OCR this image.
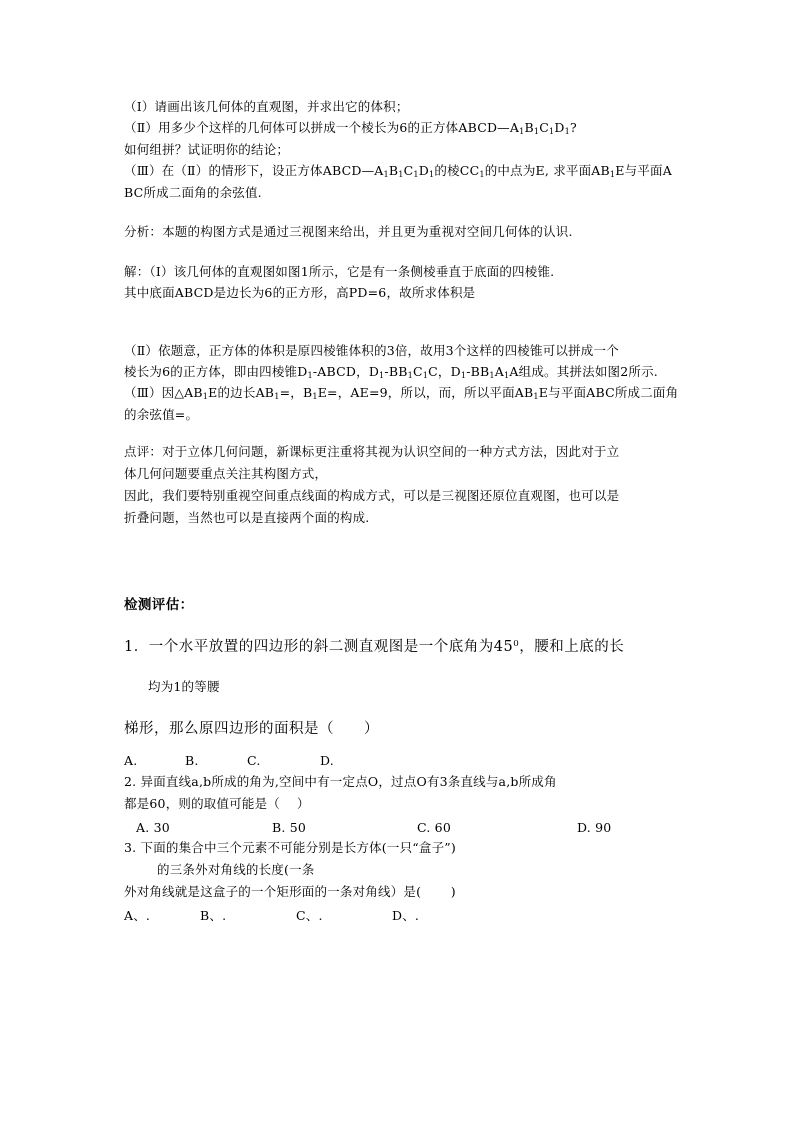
（Ⅰ）请画出该几何体的直观图，并求出它的体积；
（Ⅱ）用多少个这样的几何体可以拼成一个棱长为6的正方体$ABCD—A_1B_1C_1D_1$?
如何组拼？试证明你的结论；
（Ⅲ）在（Ⅱ）的情形下，设正方体$ABCD—A_1B_1C_1D_1$的棱$CC_1$的中点为E, 求平面$AB_1E$与平面A
BC所成二面角的余弦值.
分析：本题的构图方式是通过三视图来给出，并且更为重视对空间几何体的认识.
解：（Ⅰ）该几何体的直观图如图1所示，它是有一条侧棱垂直于底面的四棱锥.
其中底面ABCD是边长为6的正方形，高PD=6，故所求体积是
（Ⅱ）依题意，正方体的体积是原四棱锥体积的3倍，故用3个这样的四棱锥可以拼成一个
棱长为6的正方体，即由四棱锥$D_1$-ABCD，$D_1-BB_1C_1C$，$D_1-BB_1A_1A$组成。其拼法如图2所示.
（Ⅲ）因$\triangle AB_1E$的边长$AB_1=$，$B_1E=$，AE=9，所以，而，所以平面$AB_1E$与平面ABC所成二面角
的余弦值=。
点评：对于立体几何问题，新课标更注重将其视为认识空间的一种方式方法，因此对于立
体几何问题要重点关注其构图方式，
因此，我们要特别重视空间重点线面的构成方式，可以是三视图还原位直观图，也可以是
折叠问题，当然也可以是直接两个面的构成.
检测评估：
1．一个水平放置的四边形的斜二测直观图是一个底角为$45^0$，腰和上底的长
均为1的等腰
梯形，那么原四边形的面积是（　　）
A.	B.	C.	D.
2. 异面直线a,b所成的角为,空间中有一定点O，过点O有3条直线与a,b所成角
都是60，则的取值可能是（　 ）
A. 30	B. 50	C. 60	D. 90
3. 下面的集合中三个元素不可能分别是长方体(一只“盒子”)
的三条外对角线的长度(一条
外对角线就是这盒子的一个矩形面的一条对角线）是(　　 )
A、.	B、.	C、.	D、.
